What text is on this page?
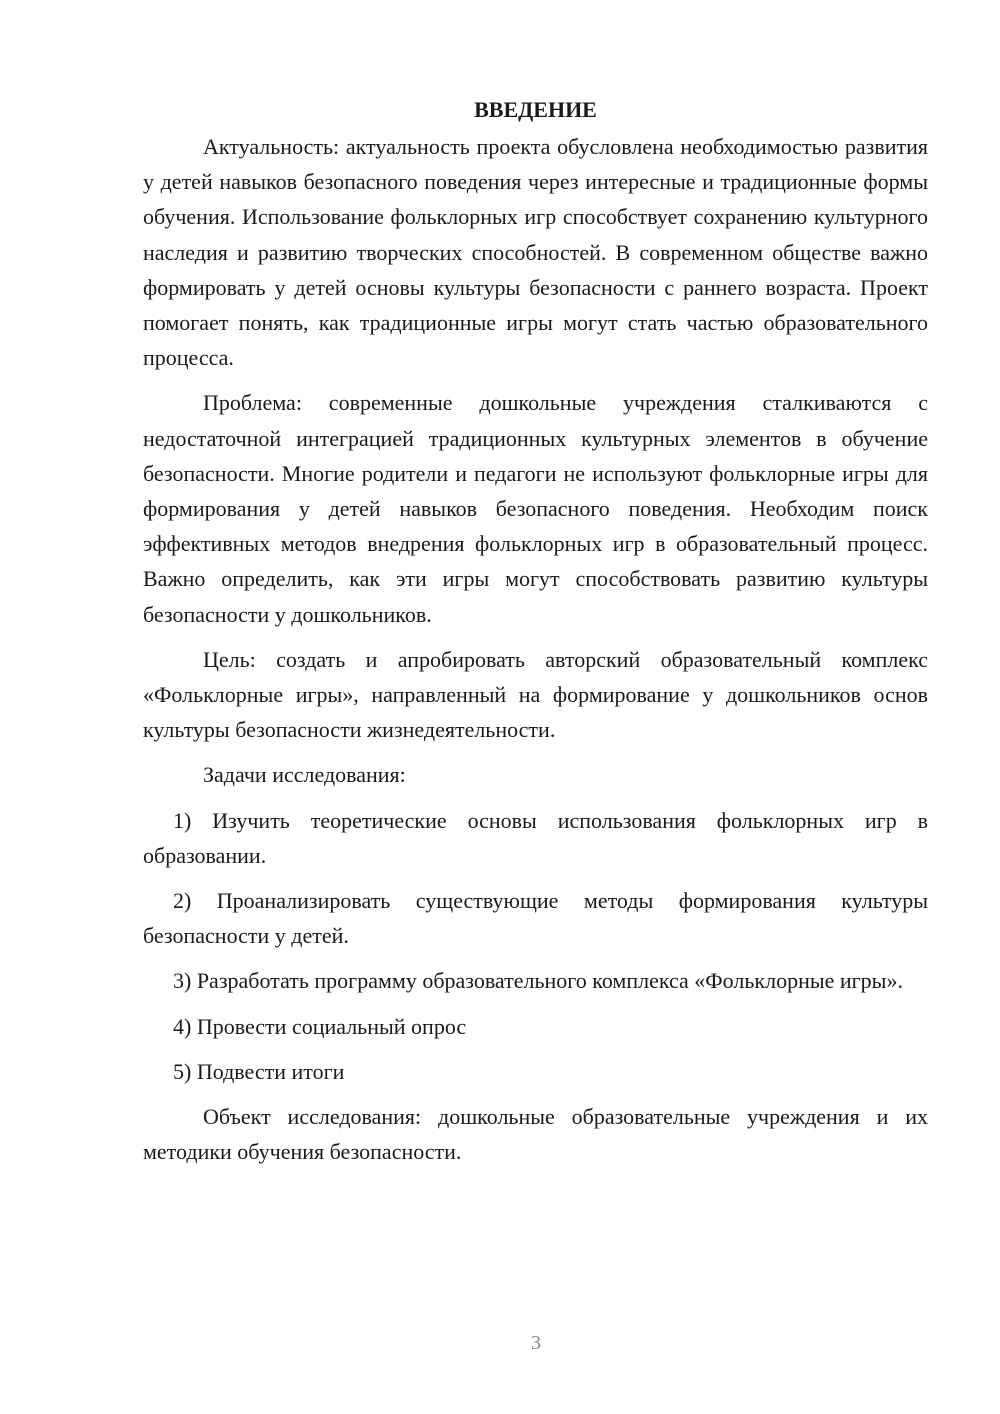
ВВЕДЕНИЕ

Актуальность: актуальность проекта обусловлена необходимостью развития у детей навыков безопасного поведения через интересные и традиционные формы обучения. Использование фольклорных игр способствует сохранению культурного наследия и развитию творческих способностей. В современном обществе важно формировать у детей основы культуры безопасности с раннего возраста. Проект помогает понять, как традиционные игры могут стать частью образовательного процесса.

Проблема: современные дошкольные учреждения сталкиваются с недостаточной интеграцией традиционных культурных элементов в обучение безопасности. Многие родители и педагоги не используют фольклорные игры для формирования у детей навыков безопасного поведения. Необходим поиск эффективных методов внедрения фольклорных игр в образовательный процесс. Важно определить, как эти игры могут способствовать развитию культуры безопасности у дошкольников.

Цель: создать и апробировать авторский образовательный комплекс «Фольклорные игры», направленный на формирование у дошкольников основ культуры безопасности жизнедеятельности.

Задачи исследования:

1) Изучить теоретические основы использования фольклорных игр в образовании.

2) Проанализировать существующие методы формирования культуры безопасности у детей.

3) Разработать программу образовательного комплекса «Фольклорные игры».

4) Провести социальный опрос

5) Подвести итоги

Объект исследования: дошкольные образовательные учреждения и их методики обучения безопасности.

3
